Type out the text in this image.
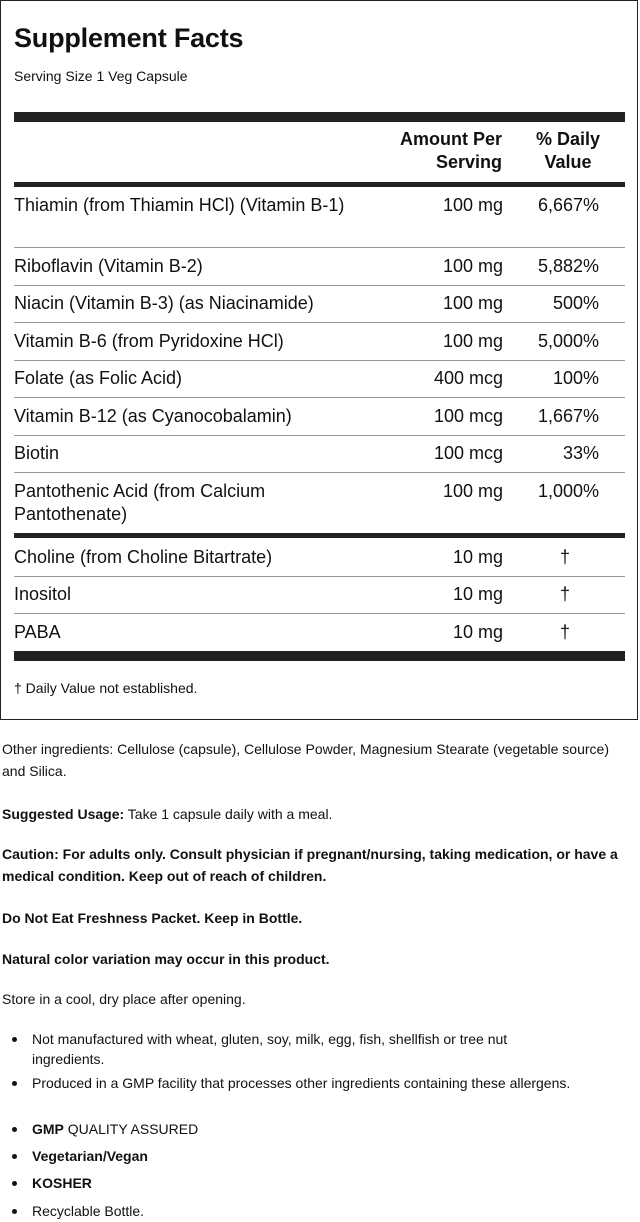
Supplement Facts
Serving Size 1 Veg Capsule
Amount Per
Serving
% Daily
Value
Thiamin (from Thiamin HCl) (Vitamin B-1)	100 mg 6,667%
Riboflavin (Vitamin B-2)	100 mg 5,882%
Niacin (Vitamin B-3) (as Niacinamide)	100 mg	500%
Vitamin B-6 (from Pyridoxine HCl)	100 mg 5,000%
Folate (as Folic Acid)	400 mcg	100%
Vitamin B-12 (as Cyanocobalamin)	100 mcg 1,667%
Biotin	100 mcg	33%
Pantothenic Acid (from Calcium Pantothenate)
100 mg 1,000%
Choline (from Choline Bitartrate)	10 mg	†
Inositol	10 mg	†
PABA	10 mg	†
† Daily Value not established.
Other ingredients: Cellulose (capsule), Cellulose Powder, Magnesium Stearate (vegetable source) and Silica.
Suggested Usage: Take 1 capsule daily with a meal.
Caution: For adults only. Consult physician if pregnant/nursing, taking medication, or have a medical condition. Keep out of reach of children.
Do Not Eat Freshness Packet. Keep in Bottle.
Natural color variation may occur in this product.
Store in a cool, dry place after opening.
Not manufactured with wheat, gluten, soy, milk, egg, fish, shellfish or tree nut ingredients.
Produced in a GMP facility that processes other ingredients containing these allergens.
GMP QUALITY ASSURED
Vegetarian/Vegan
KOSHER
Recyclable Bottle.
